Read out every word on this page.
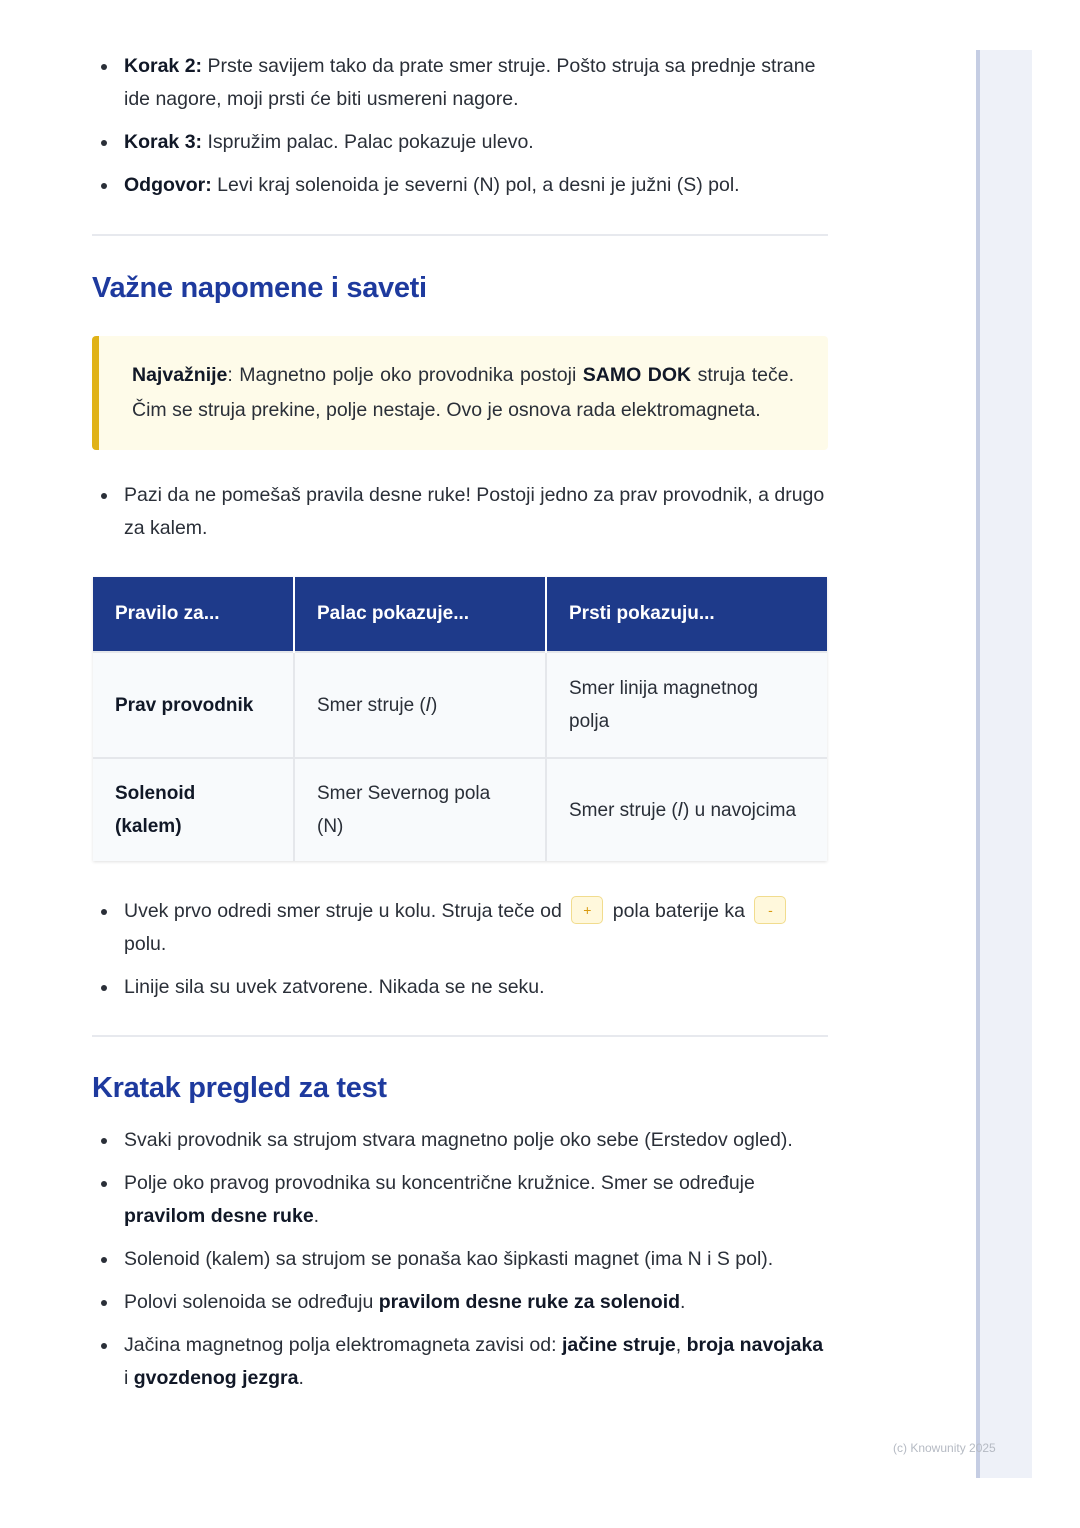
(c) Knowunity 2025
Korak 2: Prste savijem tako da prate smer struje. Pošto struja sa prednje strane ide nagore, moji prsti će biti usmereni nagore.
Korak 3: Ispružim palac. Palac pokazuje ulevo.
Odgovor: Levi kraj solenoida je severni (N) pol, a desni je južni (S) pol.
Važne napomene i saveti
Najvažnije: Magnetno polje oko provodnika postoji SAMO DOK struja teče. Čim se struja prekine, polje nestaje. Ovo je osnova rada elektromagneta.
Pazi da ne pomešaš pravila desne ruke! Postoji jedno za prav provodnik, a drugo za kalem.
Pravilo za...	Palac pokazuje...	Prsti pokazuju...
Prav provodnik	Smer struje (𝐼)	Smer linija magnetnog polja
Solenoid (kalem)	Smer Severnog pola (N)	Smer struje (𝐼) u navojcima
Uvek prvo odredi smer struje u kolu. Struja teče od + pola baterije ka - polu.
Linije sila su uvek zatvorene. Nikada se ne seku.
Kratak pregled za test
Svaki provodnik sa strujom stvara magnetno polje oko sebe (Erstedov ogled).
Polje oko pravog provodnika su koncentrične kružnice. Smer se određuje pravilom desne ruke.
Solenoid (kalem) sa strujom se ponaša kao šipkasti magnet (ima N i S pol).
Polovi solenoida se određuju pravilom desne ruke za solenoid.
Jačina magnetnog polja elektromagneta zavisi od: jačine struje, broja navojaka i gvozdenog jezgra.
